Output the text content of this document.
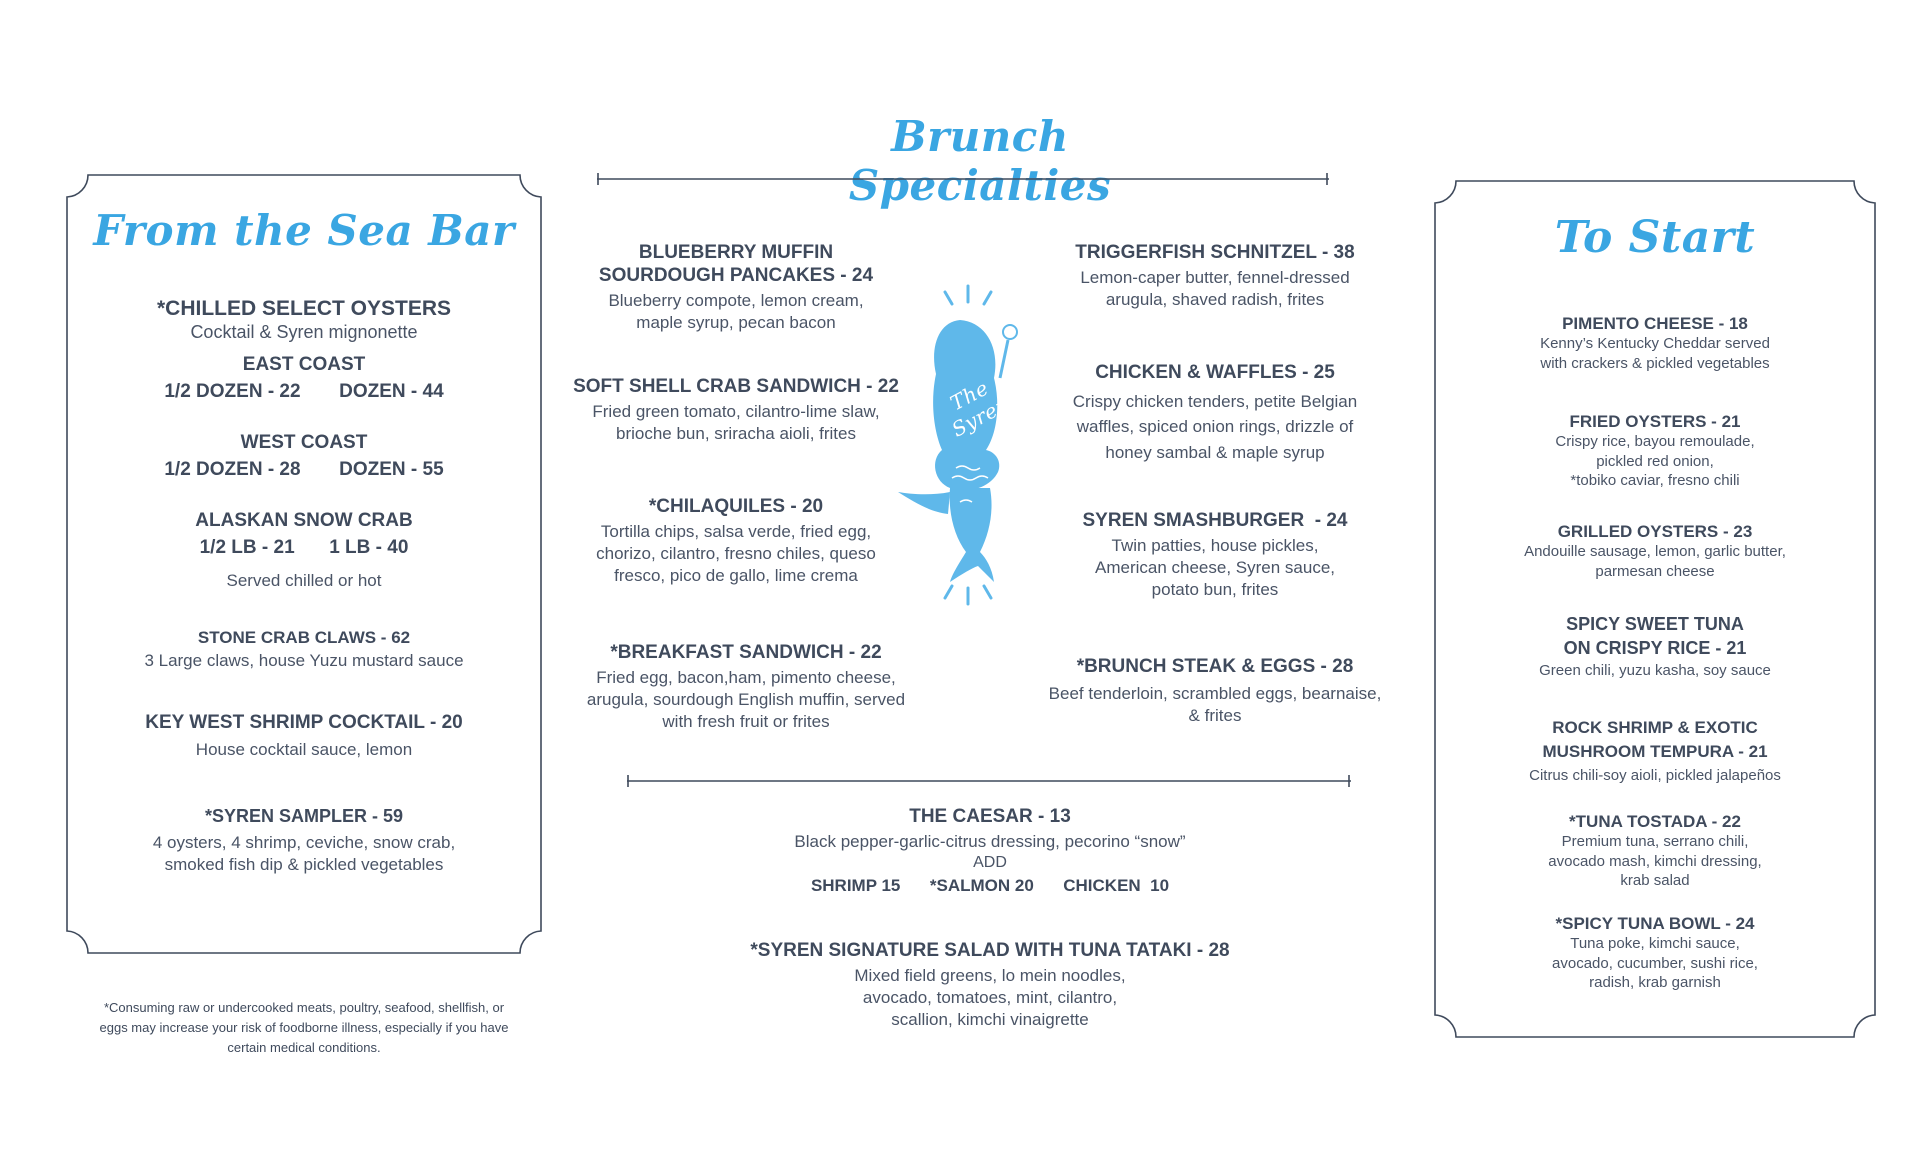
Brunch Specialties
From the Sea Bar
*CHILLED SELECT OYSTERS
Cocktail & Syren mignonette
EAST COAST
1/2 DOZEN - 22 DOZEN - 44
WEST COAST
1/2 DOZEN - 28 DOZEN - 55
ALASKAN SNOW CRAB
1/2 LB - 21 1 LB - 40
Served chilled or hot
STONE CRAB CLAWS - 62
3 Large claws, house Yuzu mustard sauce
KEY WEST SHRIMP COCKTAIL - 20
House cocktail sauce, lemon
*SYREN SAMPLER - 59
4 oysters, 4 shrimp, ceviche, snow crab,
smoked fish dip & pickled vegetables
*Consuming raw or undercooked meats, poultry, seafood, shellfish, or
eggs may increase your risk of foodborne illness, especially if you have
certain medical conditions.
BLUEBERRY MUFFIN
SOURDOUGH PANCAKES - 24
Blueberry compote, lemon cream,
maple syrup, pecan bacon
SOFT SHELL CRAB SANDWICH - 22
Fried green tomato, cilantro-lime slaw,
brioche bun, sriracha aioli, frites
*CHILAQUILES - 20
Tortilla chips, salsa verde, fried egg,
chorizo, cilantro, fresno chiles, queso
fresco, pico de gallo, lime crema
*BREAKFAST SANDWICH - 22
Fried egg, bacon,ham, pimento cheese,
arugula, sourdough English muffin, served
with fresh fruit or frites
The Syren
TRIGGERFISH SCHNITZEL - 38
Lemon-caper butter, fennel-dressed
arugula, shaved radish, frites
CHICKEN & WAFFLES - 25
Crispy chicken tenders, petite Belgian
waffles, spiced onion rings, drizzle of
honey sambal & maple syrup
SYREN SMASHBURGER  - 24
Twin patties, house pickles,
American cheese, Syren sauce,
potato bun, frites
*BRUNCH STEAK & EGGS - 28
Beef tenderloin, scrambled eggs, bearnaise,
& frites
THE CAESAR - 13
Black pepper-garlic-citrus dressing, pecorino “snow”
ADD
SHRIMP 15 *SALMON 20 CHICKEN  10
*SYREN SIGNATURE SALAD WITH TUNA TATAKI - 28
Mixed field greens, lo mein noodles,
avocado, tomatoes, mint, cilantro,
scallion, kimchi vinaigrette
To Start
PIMENTO CHEESE - 18
Kenny’s Kentucky Cheddar served
with crackers & pickled vegetables
FRIED OYSTERS - 21
Crispy rice, bayou remoulade,
pickled red onion,
*tobiko caviar, fresno chili
GRILLED OYSTERS - 23
Andouille sausage, lemon, garlic butter,
parmesan cheese
SPICY SWEET TUNA
ON CRISPY RICE - 21
Green chili, yuzu kasha, soy sauce
ROCK SHRIMP & EXOTIC
MUSHROOM TEMPURA - 21
Citrus chili-soy aioli, pickled jalapeños
*TUNA TOSTADA - 22
Premium tuna, serrano chili,
avocado mash, kimchi dressing,
krab salad
*SPICY TUNA BOWL - 24
Tuna poke, kimchi sauce,
avocado, cucumber, sushi rice,
radish, krab garnish
